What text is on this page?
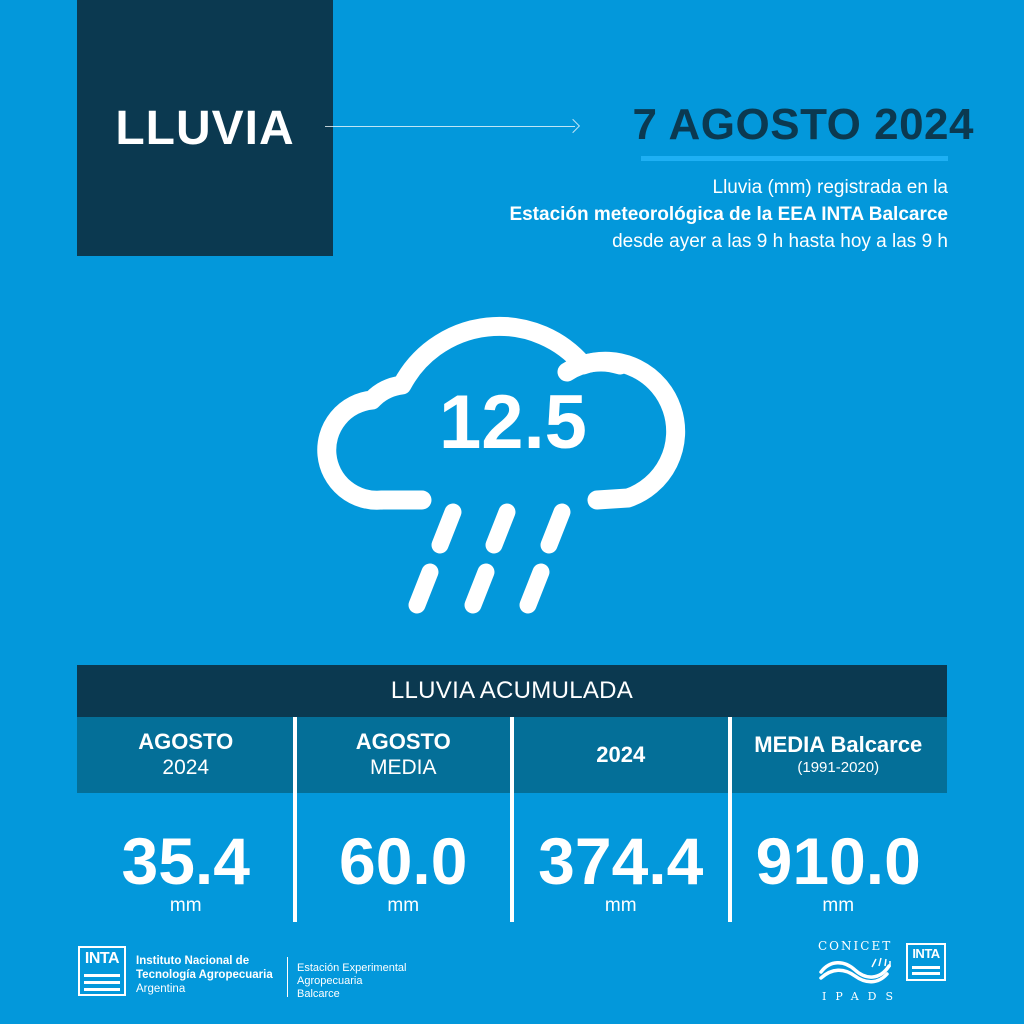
LLUVIA	7 AGOSTO 2024
Lluvia (mm) registrada en la
Estación meteorológica de la EEA INTA Balcarce
desde ayer a las 9 h hasta hoy a las 9 h
12.5
LLUVIA ACUMULADA
AGOSTO
2024
35.4
mm
AGOSTO
MEDIA
60.0
mm
2024
374.4
mm
MEDIA Balcarce
(1991-2020)
910.0
mm
INTA	Instituto Nacional de
Tecnología Agropecuaria
Argentina
Estación Experimental
Agropecuaria
Balcarce
CONICET
IPADS
INTA
